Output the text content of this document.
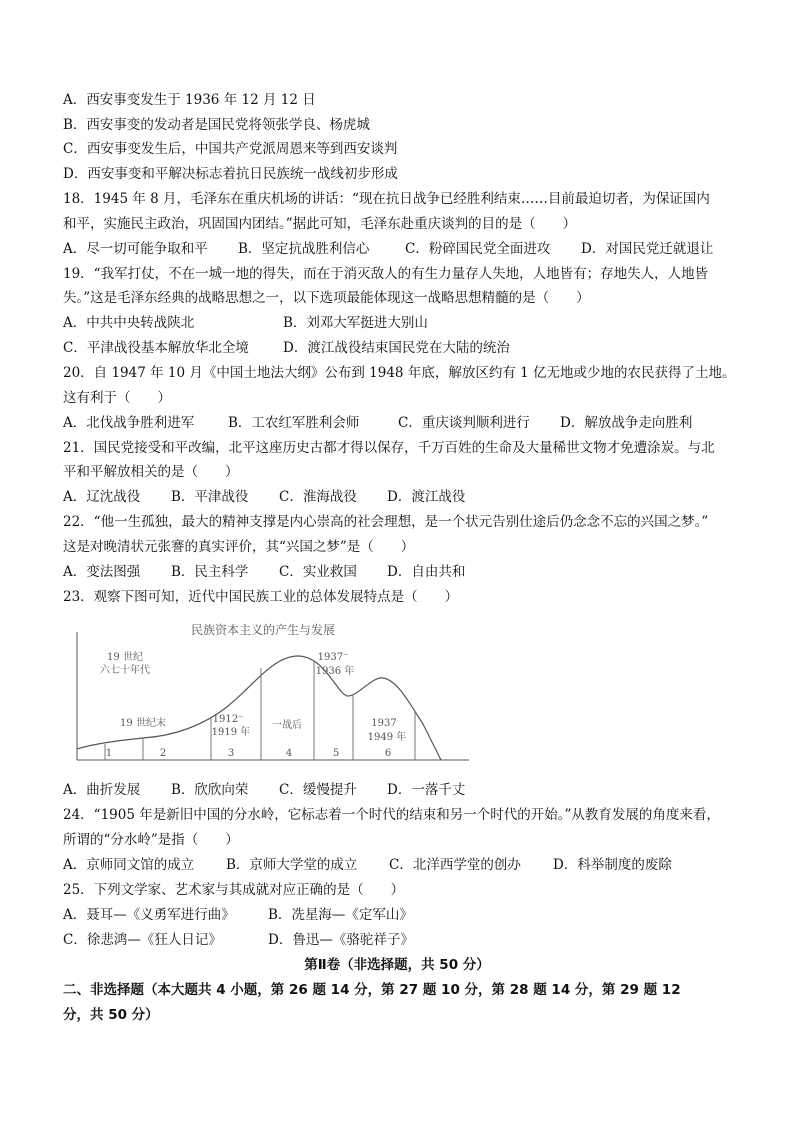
A．西安事变发生于 1936 年 12 月 12 日
B．西安事变的发动者是国民党将领张学良、杨虎城
C．西安事变发生后，中国共产党派周恩来等到西安谈判
D．西安事变和平解决标志着抗日民族统一战线初步形成
18．1945 年 8 月，毛泽东在重庆机场的讲话：“现在抗日战争已经胜利结束……目前最迫切者，为保证国内
和平，实施民主政治，巩固国内团结。”据此可知，毛泽东赴重庆谈判的目的是（　　）
A．尽一切可能争取和平 B．坚定抗战胜利信心	C．粉碎国民党全面进攻 D．对国民党迁就退让
19．“我军打仗，不在一城一地的得失，而在于消灭敌人的有生力量存人失地，人地皆有；存地失人，人地皆
失。”这是毛泽东经典的战略思想之一，以下选项最能体现这一战略思想精髓的是（　　）
A．中共中央转战陕北	B．刘邓大军挺进大别山
C．平津战役基本解放华北全境	D．渡江战役结束国民党在大陆的统治
20．自 1947 年 10 月《中国土地法大纲》公布到 1948 年底，解放区约有 1 亿无地或少地的农民获得了土地。
这有利于（　　）
A．北伐战争胜利进军	B．工农红军胜利会师	C．重庆谈判顺利进行 D．解放战争走向胜利
21．国民党接受和平改编，北平这座历史古都才得以保存，千万百姓的生命及大量稀世文物才免遭涂炭。与北
平和平解放相关的是（　　）
A．辽沈战役 B．平津战役 C．淮海战役 D．渡江战役
22．“他一生孤独，最大的精神支撑是内心崇高的社会理想，是一个状元告别仕途后仍念念不忘的兴国之梦。”
这是对晚清状元张謇的真实评价，其“兴国之梦”是（　　）
A．变法图强 B．民主科学 C．实业救国 D．自由共和
23．观察下图可知，近代中国民族工业的总体发展特点是（　　）
民族资本主义的产生与发展
19 世纪
六七十年代
19 世纪末	1912⁻
1919 年
一战后
1937⁻
1936 年
1937
1949 年
1	2	3	4	5	6
A．曲折发展 B．欣欣向荣 C．缓慢提升 D．一落千丈
24．“1905 年是新旧中国的分水岭，它标志着一个时代的结束和另一个时代的开始。”从教育发展的角度来看，
所谓的“分水岭”是指（　　）
A．京师同文馆的成立 B．京师大学堂的成立 C．北洋西学堂的创办 D．科举制度的废除
25．下列文学家、艺术家与其成就对应正确的是（　　）
A．聂耳—《义勇军进行曲》 B．冼星海—《定军山》
C．徐悲鸿—《狂人日记》	D．鲁迅—《骆驼祥子》
第Ⅱ卷（非选择题，共 50 分）
二、非选择题（本大题共 4 小题，第 26 题 14 分，第 27 题 10 分，第 28 题 14 分，第 29 题 12
分，共 50 分）
